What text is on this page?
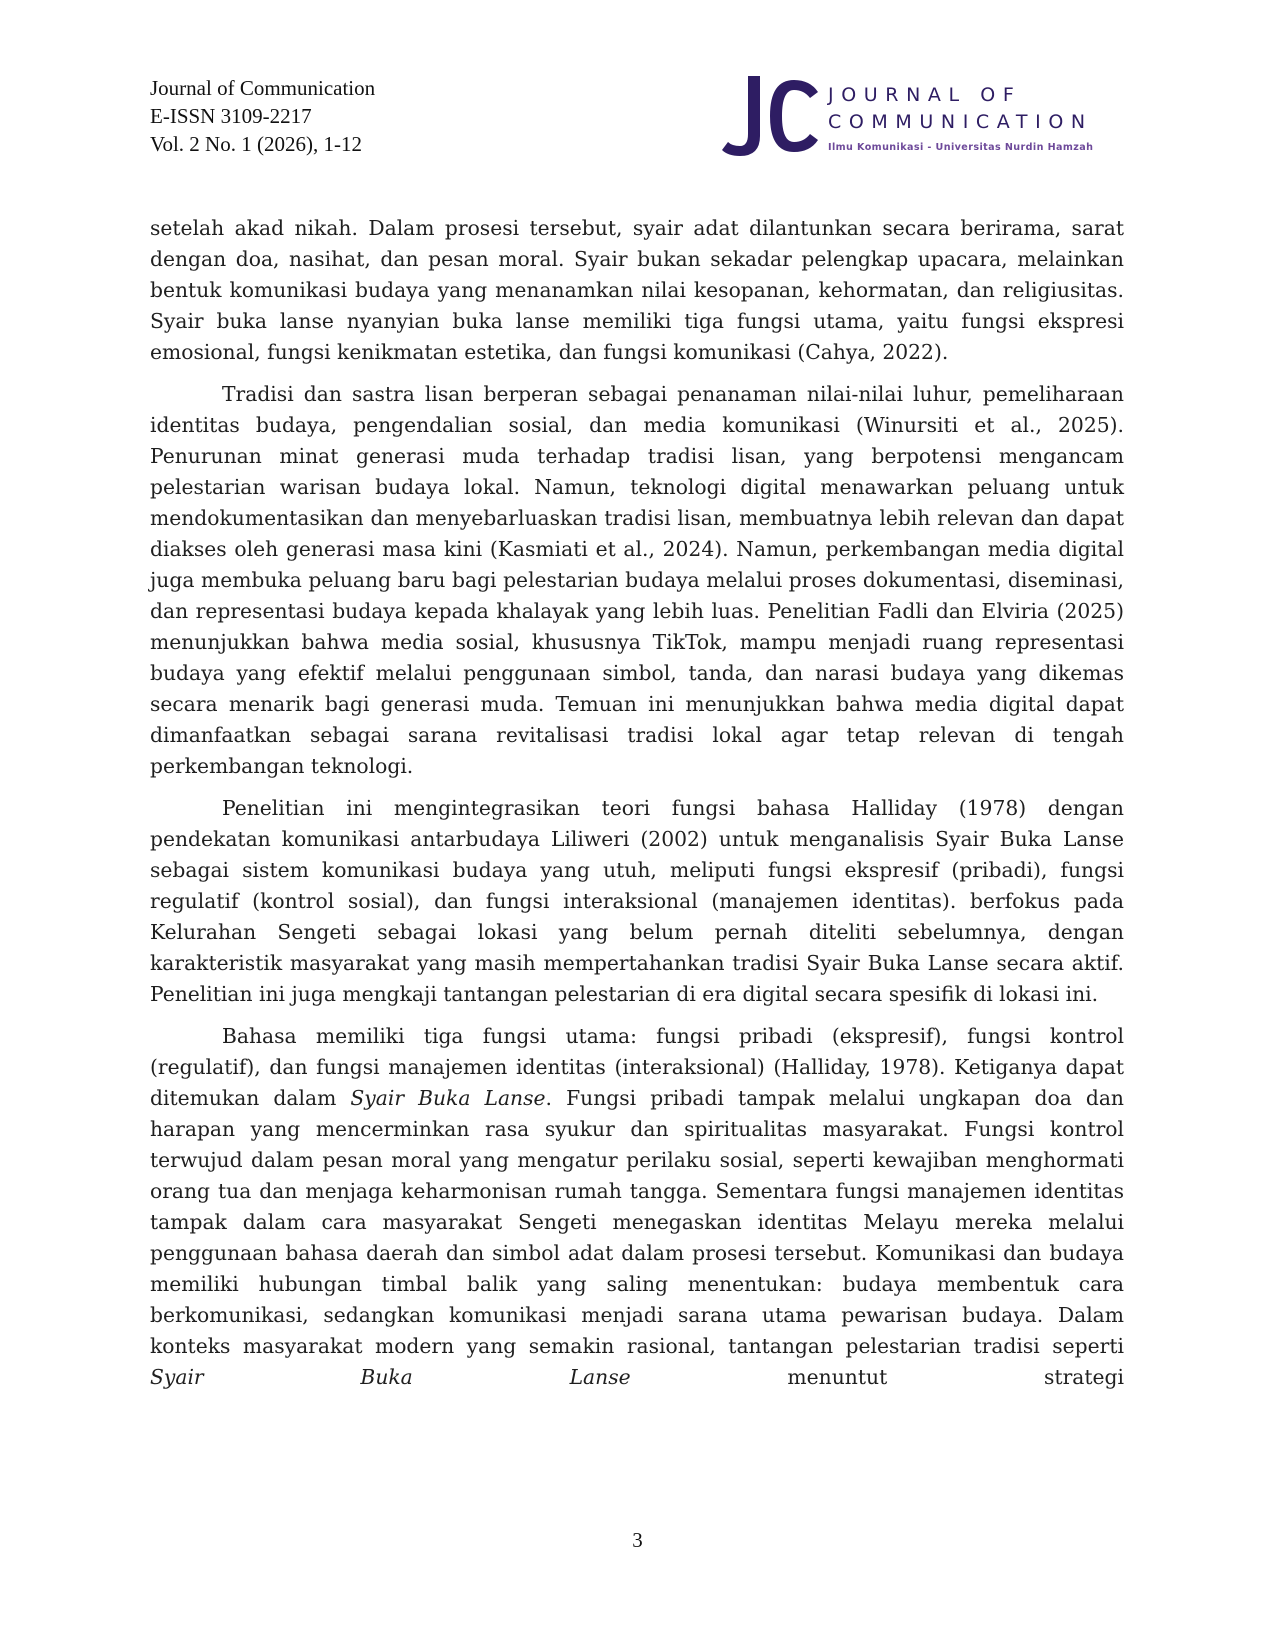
Journal of Communication
E-ISSN 3109-2217
Vol. 2 No. 1 (2026), 1-12
JOURNAL OF
COMMUNICATION
Ilmu Komunikasi - Universitas Nurdin Hamzah

setelah akad nikah. Dalam prosesi tersebut, syair adat dilantunkan secara berirama, sarat dengan doa, nasihat, dan pesan moral. Syair bukan sekadar pelengkap upacara, melainkan bentuk komunikasi budaya yang menanamkan nilai kesopanan, kehormatan, dan religiusitas. Syair buka lanse nyanyian buka lanse memiliki tiga fungsi utama, yaitu fungsi ekspresi emosional, fungsi kenikmatan estetika, dan fungsi komunikasi (Cahya, 2022).

Tradisi dan sastra lisan berperan sebagai penanaman nilai-nilai luhur, pemeliharaan identitas budaya, pengendalian sosial, dan media komunikasi (Winursiti et al., 2025). Penurunan minat generasi muda terhadap tradisi lisan, yang berpotensi mengancam pelestarian warisan budaya lokal. Namun, teknologi digital menawarkan peluang untuk mendokumentasikan dan menyebarluaskan tradisi lisan, membuatnya lebih relevan dan dapat diakses oleh generasi masa kini (Kasmiati et al., 2024). Namun, perkembangan media digital juga membuka peluang baru bagi pelestarian budaya melalui proses dokumentasi, diseminasi, dan representasi budaya kepada khalayak yang lebih luas. Penelitian Fadli dan Elviria (2025) menunjukkan bahwa media sosial, khususnya TikTok, mampu menjadi ruang representasi budaya yang efektif melalui penggunaan simbol, tanda, dan narasi budaya yang dikemas secara menarik bagi generasi muda. Temuan ini menunjukkan bahwa media digital dapat dimanfaatkan sebagai sarana revitalisasi tradisi lokal agar tetap relevan di tengah perkembangan teknologi.

Penelitian ini mengintegrasikan teori fungsi bahasa Halliday (1978) dengan pendekatan komunikasi antarbudaya Liliweri (2002) untuk menganalisis Syair Buka Lanse sebagai sistem komunikasi budaya yang utuh, meliputi fungsi ekspresif (pribadi), fungsi regulatif (kontrol sosial), dan fungsi interaksional (manajemen identitas). berfokus pada Kelurahan Sengeti sebagai lokasi yang belum pernah diteliti sebelumnya, dengan karakteristik masyarakat yang masih mempertahankan tradisi Syair Buka Lanse secara aktif. Penelitian ini juga mengkaji tantangan pelestarian di era digital secara spesifik di lokasi ini.

Bahasa memiliki tiga fungsi utama: fungsi pribadi (ekspresif), fungsi kontrol (regulatif), dan fungsi manajemen identitas (interaksional) (Halliday, 1978). Ketiganya dapat ditemukan dalam Syair Buka Lanse. Fungsi pribadi tampak melalui ungkapan doa dan harapan yang mencerminkan rasa syukur dan spiritualitas masyarakat. Fungsi kontrol terwujud dalam pesan moral yang mengatur perilaku sosial, seperti kewajiban menghormati orang tua dan menjaga keharmonisan rumah tangga. Sementara fungsi manajemen identitas tampak dalam cara masyarakat Sengeti menegaskan identitas Melayu mereka melalui penggunaan bahasa daerah dan simbol adat dalam prosesi tersebut. Komunikasi dan budaya memiliki hubungan timbal balik yang saling menentukan: budaya membentuk cara berkomunikasi, sedangkan komunikasi menjadi sarana utama pewarisan budaya. Dalam konteks masyarakat modern yang semakin rasional, tantangan pelestarian tradisi seperti Syair Buka Lanse menuntut strategi

3
